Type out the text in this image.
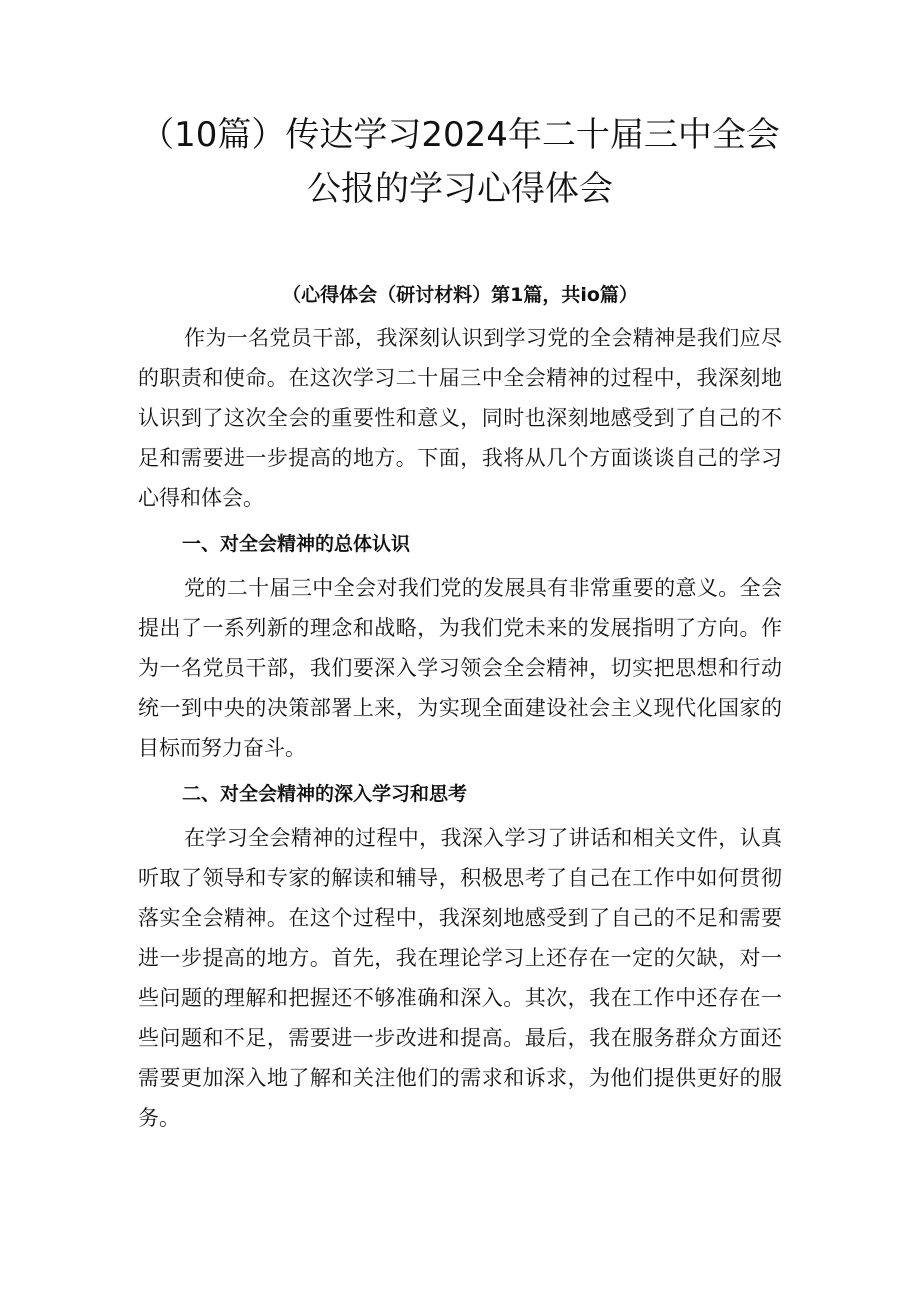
（10篇）传达学习2024年二十届三中全会
公报的学习心得体会
（心得体会（研讨材料）第1篇，共io篇）

作为一名党员干部，我深刻认识到学习党的全会精神是我们应尽的职责和使命。在这次学习二十届三中全会精神的过程中，我深刻地认识到了这次全会的重要性和意义，同时也深刻地感受到了自己的不足和需要进一步提高的地方。下面，我将从几个方面谈谈自己的学习心得和体会。

一、对全会精神的总体认识

党的二十届三中全会对我们党的发展具有非常重要的意义。全会提出了一系列新的理念和战略，为我们党未来的发展指明了方向。作为一名党员干部，我们要深入学习领会全会精神，切实把思想和行动统一到中央的决策部署上来，为实现全面建设社会主义现代化国家的目标而努力奋斗。

二、对全会精神的深入学习和思考

在学习全会精神的过程中，我深入学习了讲话和相关文件，认真听取了领导和专家的解读和辅导，积极思考了自己在工作中如何贯彻落实全会精神。在这个过程中，我深刻地感受到了自己的不足和需要进一步提高的地方。首先，我在理论学习上还存在一定的欠缺，对一些问题的理解和把握还不够准确和深入。其次，我在工作中还存在一些问题和不足，需要进一步改进和提高。最后，我在服务群众方面还需要更加深入地了解和关注他们的需求和诉求，为他们提供更好的服务。
